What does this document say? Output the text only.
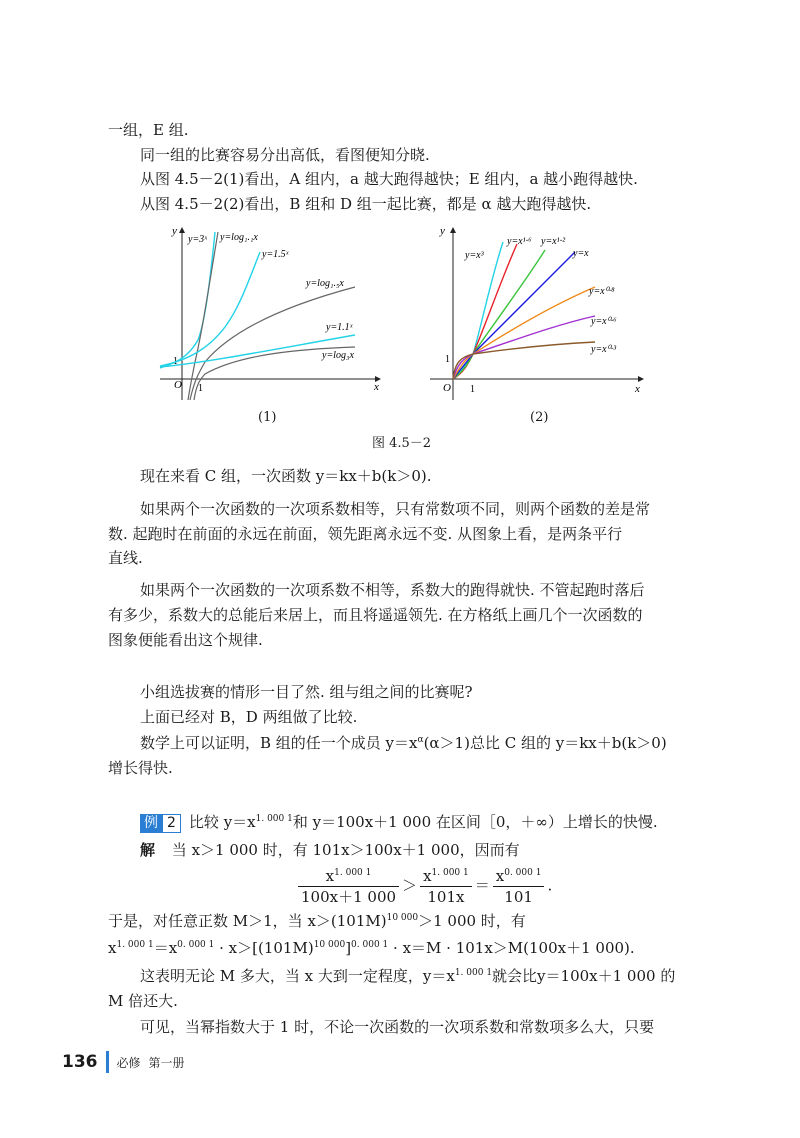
一组，E 组.
同一组的比赛容易分出高低，看图便知分晓.
从图 4.5－2(1)看出，A 组内，a 越大跑得越快；E 组内，a 越小跑得越快.
从图 4.5－2(2)看出，B 组和 D 组一起比赛，都是 α 越大跑得越快.
O
1
1	x
y
y=3ˣ y=log₁.₁x
y=1.5ˣ
y=log₁.₅x
y=1.1ˣ
y=log₃x
(1)
O
1
1	x
y
y=x³
y=x¹·⁶ y=x¹·²
y=x
y=x⁰·⁸
y=x⁰·⁶
y=x⁰·³
(2)
图 4.5－2
现在来看 C 组，一次函数 y＝kx＋b(k＞0).
如果两个一次函数的一次项系数相等，只有常数项不同，则两个函数的差是常
数. 起跑时在前面的永远在前面，领先距离永远不变. 从图象上看，是两条平行
直线.
如果两个一次函数的一次项系数不相等，系数大的跑得就快. 不管起跑时落后
有多少，系数大的总能后来居上，而且将遥遥领先. 在方格纸上画几个一次函数的
图象便能看出这个规律.
小组选拔赛的情形一目了然. 组与组之间的比赛呢?
上面已经对 B，D 两组做了比较.
数学上可以证明，B 组的任一个成员 $y=x^\alpha(\alpha>1)$总比 C 组的 y＝kx＋b(k＞0)
增长得快.
例 2 比较 $y=x^{1. 000 1}$和 y＝100x＋1 000 在区间［0，＋∞）上增长的快慢.
解 当 x＞1 000 时，有 101x＞100x＋1 000，因而有
$\frac{x^{1. 000 1}}{100x+1 000} > \frac{x^{1. 000 1}}{101x} = \frac{x^{0. 000 1}}{101}$ .
于是，对任意正数 M＞1，当 $x>(101M)^{10 000}>1$ 000 时，有
$x^{1. 000 1}=x^{0. 000 1} \cdot x>[(101M)^{10 000}]^{0. 000 1} \cdot x=M \cdot 101x>M(100x+1$ 000).
这表明无论 M 多大，当 x 大到一定程度，$y=x^{1. 000 1}$就会比y＝100x＋1 000 的
M 倍还大.
可见，当幂指数大于 1 时，不论一次函数的一次项系数和常数项多么大，只要
136 必修 第一册
